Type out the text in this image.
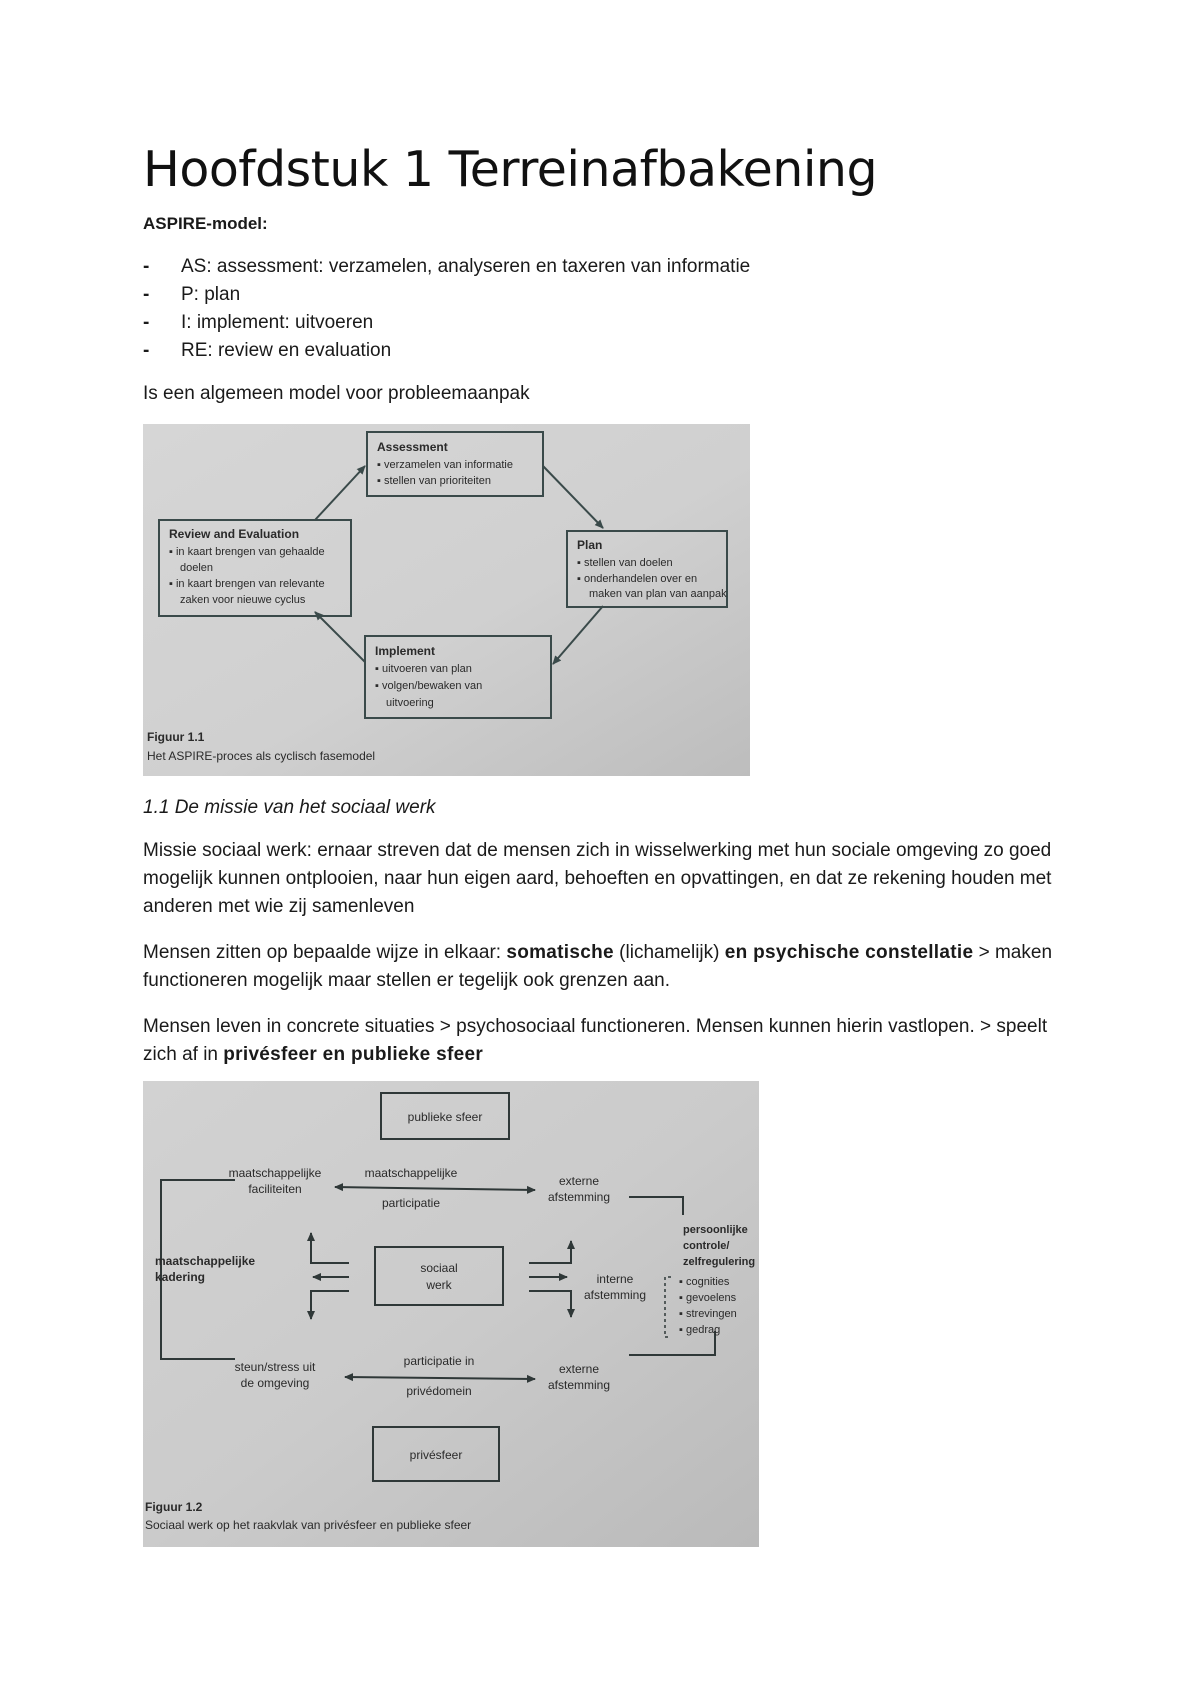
Hoofdstuk 1 Terreinafbakening
ASPIRE-model:
- AS: assessment: verzamelen, analyseren en taxeren van informatie
- P: plan
- I: implement: uitvoeren
- RE: review en evaluation

Is een algemeen model voor probleemaanpak

Assessment
▪ verzamelen van informatie
▪ stellen van prioriteiten
Plan
▪ stellen van doelen
▪ onderhandelen over en
maken van plan van aanpak
Review and Evaluation
▪ in kaart brengen van gehaalde
doelen
▪ in kaart brengen van relevante
zaken voor nieuwe cyclus
Implement
▪ uitvoeren van plan
▪ volgen/bewaken van
uitvoering
Figuur 1.1
Het ASPIRE-proces als cyclisch fasemodel
1.1 De missie van het sociaal werk

Missie sociaal werk: ernaar streven dat de mensen zich in wisselwerking met hun sociale omgeving zo goed mogelijk kunnen ontplooien, naar hun eigen aard, behoeften en opvattingen, en dat ze rekening houden met anderen met wie zij samenleven

Mensen zitten op bepaalde wijze in elkaar: somatische (lichamelijk) en psychische constellatie > maken functioneren mogelijk maar stellen er tegelijk ook grenzen aan.

Mensen leven in concrete situaties > psychosociaal functioneren. Mensen kunnen hierin vastlopen. > speelt zich af in privésfeer en publieke sfeer

publieke sfeer
maatschappelijke
faciliteiten
maatschappelijke
participatie
externe
afstemming
maatschappelijke
kadering
sociaal
werk	interne
afstemming
persoonlijke
controle/
zelfregulering
▪ cognities
▪ gevoelens
▪ strevingen
▪ gedrag
steun/stress uit
de omgeving
participatie in
privédomein
externe
afstemming
privésfeer
Figuur 1.2
Sociaal werk op het raakvlak van privésfeer en publieke sfeer
